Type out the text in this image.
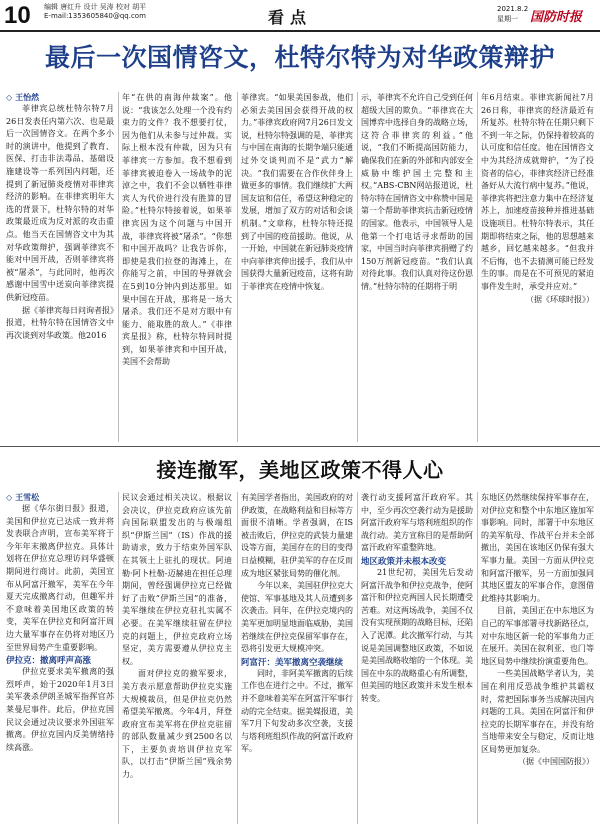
10 编辑 唐红升 设计 吴涛 校对 胡平
E-mail:1353605840@qq.com	看点	2021.8.2
星期一 国防时报
最后一次国情咨文，杜特尔特为对华政策辩护

◇ 王怡然

菲律宾总统杜特尔特7月26日发表任内第六次、也是最后一次国情咨文。在两个多小时的演讲中，他提到了教育、医保、打击非法毒品、基础设施建设等一系列国内问题，还提到了新冠肺炎疫情对菲律宾经济的影响。在菲律宾明年大选的背景下，杜特尔特的对华政策最近成为反对派的攻击重点。他当天在国情咨文中为其对华政策辩护，强调菲律宾不能对中国开战，否则菲律宾将被“屠杀”，与此同时，他再次感谢中国雪中送炭向菲律宾提供新冠疫苗。

据《菲律宾每日问询者报》报道，杜特尔特在国情咨文中再次谈到对华政策。他2016

年“在供的南海仲裁案”。他说：“我该怎么处理一个没有约束力的文件？我不想要打仗，因为他们从未参与过仲裁。实际上根本没有仲裁，因为只有菲律宾一方参加。我不想看到菲律宾被迫卷入一场战争的泥淖之中，我们不会以牺牲菲律宾人为代价进行没有胜算的冒险。”杜特尔特接着说，如果菲律宾因为这个问题与中国开战，菲律宾将被“屠杀”。“你想和中国开战吗？让我告诉你，即使是我们拉登的海滩上，在你能写之前，中国的导弹就会在5到10分钟内到达那里。如果中国在开战，那将是一场大屠杀。我们还不是对方眼中有能力、能取胜的敌人。”《菲律宾星报》称，杜特尔特同时提到，如果菲律宾和中国开战，美国不会帮助

菲律宾。“如果美国参战，他们必须去美国国会获得开战的权力。”菲律宾政府网7月26日发文说，杜特尔特强调的是，菲律宾与中国在南海的长期争端只能通过外交谈判而不是“武力”解决。“我们需要在合作伙伴身上做更多的事情。我们继续扩大两国友谊和信任，希望这种稳定的发展，增加了双方的对话和会谈机制。”文章称，杜特尔特还提到了中国的疫苗援助。他说，从一开始，中国就在新冠肺炎疫情中向菲律宾伸出援手，我们从中国获得大量新冠疫苗，这将有助于菲律宾在疫情中恢复。

示，菲律宾不允许自己受到任何超级大国的欺负。“菲律宾在大国博弈中选择自身的战略立场，这符合菲律宾的利益。”他说，“我们不断提高国防能力，确保我们在新的外部和内部安全威胁中维护国土完整和主权。”ABS-CBN网站报道说，杜特尔特在国情咨文中称赞中国是第一个帮助菲律宾抗击新冠疫情的国家。他表示，中国领导人是他第一个打电话寻求帮助的国家，中国当时向菲律宾捐赠了约150万剂新冠疫苗。“我们认真对待此事。我们认真对待这份恩情。”杜特尔特的任期将于明

年6月结束。菲律宾新闻社7月26日称，菲律宾的经济最近有所复苏。杜特尔特在任期只剩下不到一年之际，仍保持着较高的认可度和信任度。他在国情咨文中为其经济成就辩护，“为了投资者的信心，菲律宾经济已经准备好从大流行病中复苏。”他说，菲律宾将把注意力集中在经济复苏上，加速疫苗接种并推进基础设施项目。杜特尔特表示，其任期即将结束之际，他的思想越来越乡，回忆越来越多。“但我并不后悔，也不去猜测可能已经发生的事。而是在不可预见的紧迫事件发生时，承受并应对。”

（据《环球时报》）

接连撤军，美地区政策不得人心

◇ 王雪松

据《华尔街日报》报道，美国和伊拉克已达成一致并将发表联合声明，宣布美军将于今年年末撤离伊拉克。具体计划将在伊拉克总理访问华盛顿期间进行商讨。此前，美国宣布从阿富汗撤军，美军在今年夏天完成撤离行动，但趣军并不意味着美国地区政策的转变，美军在伊拉克和阿富汗周边大量军事存在仍将对地区乃至世界局势产生重要影响。

伊拉克：撤离呼声高涨

伊拉克要求美军撤离的强烈呼声，始于2020年1月3日美军袭杀伊朗圣城军指挥官苏莱曼尼事件。此后，伊拉克国民议会通过决议要求外国驻军撤离。伊拉克国内反美情绪持续高涨。

民议会通过相关决议。根据议会决议，伊拉克政府应该先前向国际联盟发出的与极端组织“伊斯兰国”（IS）作战的援助请求，致力于结束外国军队在其领土上驻扎的现状。阿迪勒·阿卜杜勒-迈赫迪在担任总理期间，曾经强调伊拉克已经做好了击败“伊斯兰国”的准备，美军继续在伊拉克驻扎实属不必要。在美军继续驻留在伊拉克的问题上，伊拉克政府立场坚定，美方需要遵从伊拉克主权。

面对伊拉克的撤军要求，美方表示愿意帮助伊拉克实施大规模裁员，但是伊拉克仍然希望美军撤离。今年4月，拜登政府宣布美军将在伊拉克驻留的部队数量减少到2500名以下，主要负责培训伊拉克军队，以打击“伊斯兰国”残余势力。

有美国学者指出，美国政府的对伊政策，在战略利益和目标等方面很不清晰。学者强调，在IS被击败后，伊拉克的武装力量建设等方面，美国存在的目的变得日益模糊，驻伊美军的存在反而成为地区紧张局势的催化剂。

今年以来，美国驻伊拉克大使馆、军事基地及其人员遭到多次袭击。同年，在伊拉克境内的美军更加明显地面临威胁，美国若继续在伊拉克保留军事存在，恐将引发更大规模冲突。

阿富汗：美军撤离空袭继续

同时，非阿美军撤离的后续工作也在进行之中。不过，撤军并不意味着美军在阿富汗军事行动的完全结束。据美媒报道，美军7月下旬发动多次空袭，支援与塔利班组织作战的阿富汗政府军。

袭行动支援阿富汗政府军。其中，至少再次空袭行动为是援助阿富汗政府军与塔利班组织的作战行动。美方宣称目的是帮助阿富汗政府军重整阵地。

地区政策并未根本改变

21世纪初，美国先后发动阿富汗战争和伊拉克战争，使阿富汗和伊拉克两国人民长期遭受苦难。对这两场战争，美国不仅没有实现预期的战略目标，还陷入了泥潭。此次撤军行动，与其说是美国调整地区政策，不如说是美国战略收缩的一个体现。美国在中东的战略重心有所调整，但美国的地区政策并未发生根本转变。

东地区仍然继续保持军事存在，对伊拉克和整个中东地区施加军事影响。同时，部署于中东地区的美军航母、作战平台并未全部撤出，美国在该地区仍保有强大军事力量。美国一方面从伊拉克和阿富汗撤军，另一方面加强同其地区盟友的军事合作，意图借此维持其影响力。

目前，美国正在中东地区为自己的军事部署寻找新路径点，对中东地区新一轮的军事角力正在展开。美国在叙利亚、也门等地区局势中继续扮演重要角色。

一些美国战略学者认为，美国在利用反恐战争维护其霸权时，常把国际事务当成解决国内问题的工具。美国在阿富汗和伊拉克的长期军事存在，并没有给当地带来安全与稳定，反而让地区局势更加复杂。

（据《中国国防报》）
